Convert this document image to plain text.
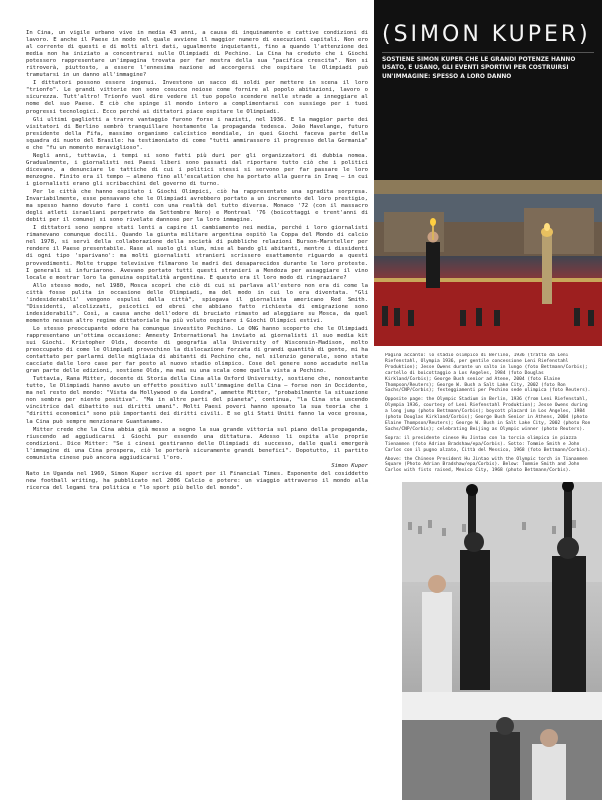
In Cina, un vigile urbano vive in media 43 anni, a causa di inquinamento e cattive condizioni di lavoro. E anche il Paese in modo nel quale avviene il maggior numero di esecuzioni capitali. Non ero al corrente di questi e di molti altri dati, ugualmente inquietanti, fino a quando l'attenzione dei media non ha iniziato a concentrarsi sulle Olimpiadi di Pechino. La Cina ha creduto che i Giochi potessero rappresentare un'impagina trovata per far mostra della sua "pacifica crescita". Non si ritroverà, piuttosto, a essere l'ennesima nazione ad accorgersi che ospitare le Olimpiadi può tramutarsi in un danno all'immagine?

I dittatori possono essere ingenui. Investono un sacco di soldi per mettere in scena il loro "trionfo". Le grandi vittorie non sono cosucce noiose come fornire al popolo abitazioni, lavoro o sicurezza. Tutt'altro! Trionfo vuol dire vedere il tuo popolo scendere nelle strade a inneggiare al nome del suo Paese. E ciò che spinge il mondo intero a complimentarsi con sussiego per i tuoi progressi tecnologici. Ecco perché ai dittatori piace ospitare le Olimpiadi.

Gli ultimi gagliotti a trarre vantaggio furono forse i nazisti, nel 1936. E la maggior parte dei visitatori di Berlino sembrò tranquillare hostamente la propaganda tedesca. João Havelange, futuro presidente della Fifa, massimo organismo calcistico mondiale, in quei Giochi faceva parte della squadra di nuoto del Brasile: ha testimoniato di come "tutti ammirassero il progresso della Germania" e che "fu un momento meraviglioso".

Negli anni, tuttavia, i tempi si sono fatti più duri per gli organizzatori di dubbia nomea. Gradualmente, i giornalisti nei Paesi liberi sono passati dal riportare tutto ciò che i politici dicevano, a denunciare le tattiche di cui i politici stessi si servono per far passare le loro menzogne. Finito era il tempo – almeno fino all'escalation che ha portato alla guerra in Iraq – in cui i giornalisti erano gli scribacchini del governo di turno.

Per le città che hanno ospitato i Giochi Olimpici, ciò ha rappresentato una sgradita sorpresa. Invariabilmente, esse pensavano che le Olimpiadi avrebbero portato a un incremento del loro prestigio, ma spesso hanno dovuto fare i conti con una realtà del tutto diversa. Monaco '72 (con il massacro degli atleti israeliani perpetrato da Settembre Nero) e Montreal '76 (boicottaggi e trent'anni di debiti per il comune) si sono rivelate dannose per la loro immagine.

I dittatori sono sempre stati lenti a capire il cambiamento nei media, perché i loro giornalisti rimanevano comunque docili. Quando la giunta militare argentina ospitò la Coppa del Mondo di calcio nel 1978, si servì della collaborazione della società di pubbliche relazioni Burson-Marsteller per rendere il Paese presentabile. Rase al suolo gli slum, mise al bando gli abitanti, mentre i dissidenti di ogni tipo 'sparivano': ma molti giornalisti stranieri scrissero esattamente riguardo a questi provvedimenti. Molte truppe televisive filmarono le madri dei desaparecidos durante le loro proteste. I generali si infuriarono. Avevano portato tutti questi stranieri a Mendoza per assaggiare il vino locale e mostrar loro la genuina ospitalità argentina. E questo era il loro modo di ringraziare?

Allo stesso modo, nel 1980, Mosca scoprì che ciò di cui si parlava all'estero non era di come la città fosse pulita in occasione delle Olimpiadi, ma del modo in cui lo era diventata. "Gli 'indesiderabili' vengono espulsi dalla città", spiegava il giornalista americano Red Smith. "Dissidenti, alcolizzati, psicotici ed ebrei che abbiano fatto richiesta di emigrazione sono indesiderabili". Così, a causa anche dell'odore di bruciato rimasto ad aleggiare su Mosca, da quel momento nessun altro regime dittatoriale ha più voluto ospitare i Giochi Olimpici estivi.

Lo stesso preoccupante odore ha comunque investito Pechino. Le ONG hanno scoperto che le Olimpiadi rappresentano un'ottima occasione: Amnesty International ha inviato ai giornalisti il suo media kit sui Giochi. Kristopher Olds, docente di geografia alla University of Wisconsin-Madison, molto preoccupato di come le Olimpiadi provochino la dislocazione forzata di grandi quantità di gente, mi ha contattato per parlarmi delle migliaia di abitanti di Pechino che, nel silenzio generale, sono state cacciate dalle loro case per far posto al nuovo stadio olimpico. Cose del genere sono accadute nella gran parte delle edizioni, sostiene Olds, ma mai su una scala come quella vista a Pechino.

Tuttavia, Rana Mitter, docente di Storia della Cina alla Oxford University, sostiene che, nonostante tutto, le Olimpiadi hanno avuto un effetto positivo sull'immagine della Cina – forse non in Occidente, ma nel resto del mondo: "Vista da Hollywood o da Londra", ammette Mitter, "probabilmente la situazione non sembra per niente positiva". "Ma in altre parti del pianeta", continua, "la Cina sta uscendo vincitrice dal dibattito sui diritti umani". Molti Paesi poveri hanno sposato la sua teoria che i "diritti economici" sono più importanti dei diritti civili. E se gli Stati Uniti fanno la voce grossa, la Cina può sempre menzionare Guantanamo.

Mitter crede che la Cina abbia già messo a segno la sua grande vittoria sul piano della propaganda, riuscendo ad aggiudicarsi i Giochi pur essendo una dittatura. Adesso li ospita alle proprie condizioni. Dice Mitter: "Se i cinesi gestiranno delle Olimpiadi di successo, dalle quali emergerà l'immagine di una Cina prospera, ciò le porterà sicuramente grandi benefici". Dopotutto, il partito comunista cinese può ancora aggiudicarsi l'oro.

Simon Kuper

Nato in Uganda nel 1969, Simon Kuper scrive di sport per il Financial Times. Esponente del cosiddetto new football writing, ha pubblicato nel 2006 Calcio e potere: un viaggio attraverso il mondo alla ricerca del legami tra politica e "lo sport più bello del mondo".

(SIMON KUPER)
SOSTIENE SIMON KUPER CHE LE GRANDI POTENZE HANNO USATO, E USANO, GLI EVENTI SPORTIVI PER COSTRUIRSI UN'IMMAGINE: SPESSO A LORO DANNO

Pagina accanto: lo stadio olimpico di Berlino, 1936 (tratto da Leni Riefenstahl, Olympia 1936, per gentile concessione Leni Riefenstahl Produktion); Jesse Owens durante un salto in lungo (foto Bettmann/Corbis); cartello di boicottaggio a Los Angeles, 1984 (foto Douglas Kirkland/Corbis); George Bush senior ad Atene, 2004 (foto Elaine Thompson/Reuters); George W. Bush a Salt Lake City, 2002 (foto Ron Sachs/CNP/Corbis); festeggiamenti per Pechino sede olimpica (foto Reuters).

Opposite page: the Olympic Stadium in Berlin, 1936 (from Leni Riefenstahl, Olympia 1936, courtesy of Leni Riefenstahl Produktion); Jesse Owens during a long jump (photo Bettmann/Corbis); boycott placard in Los Angeles, 1984 (photo Douglas Kirkland/Corbis); George Bush Senior in Athens, 2004 (photo Elaine Thompson/Reuters); George W. Bush in Salt Lake City, 2002 (photo Ron Sachs/CNP/Corbis); celebrating Beijing as Olympic winner (photo Reuters).

Sopra: il presidente cinese Hu Jintao con la torcia olimpica in piazza Tienanmen (foto Adrian Bradshaw/epa/Corbis). Sotto: Tommie Smith e John Carlos con il pugno alzato, Città del Messico, 1968 (foto Bettmann/Corbis).

Above: the Chinese President Hu Jintao with the Olympic torch in Tiananmen Square (Photo Adrian Bradshaw/epa/Corbis). Below: Tommie Smith and John Carlos with fists raised, Mexico City, 1968 (photo Bettmann/Corbis).
